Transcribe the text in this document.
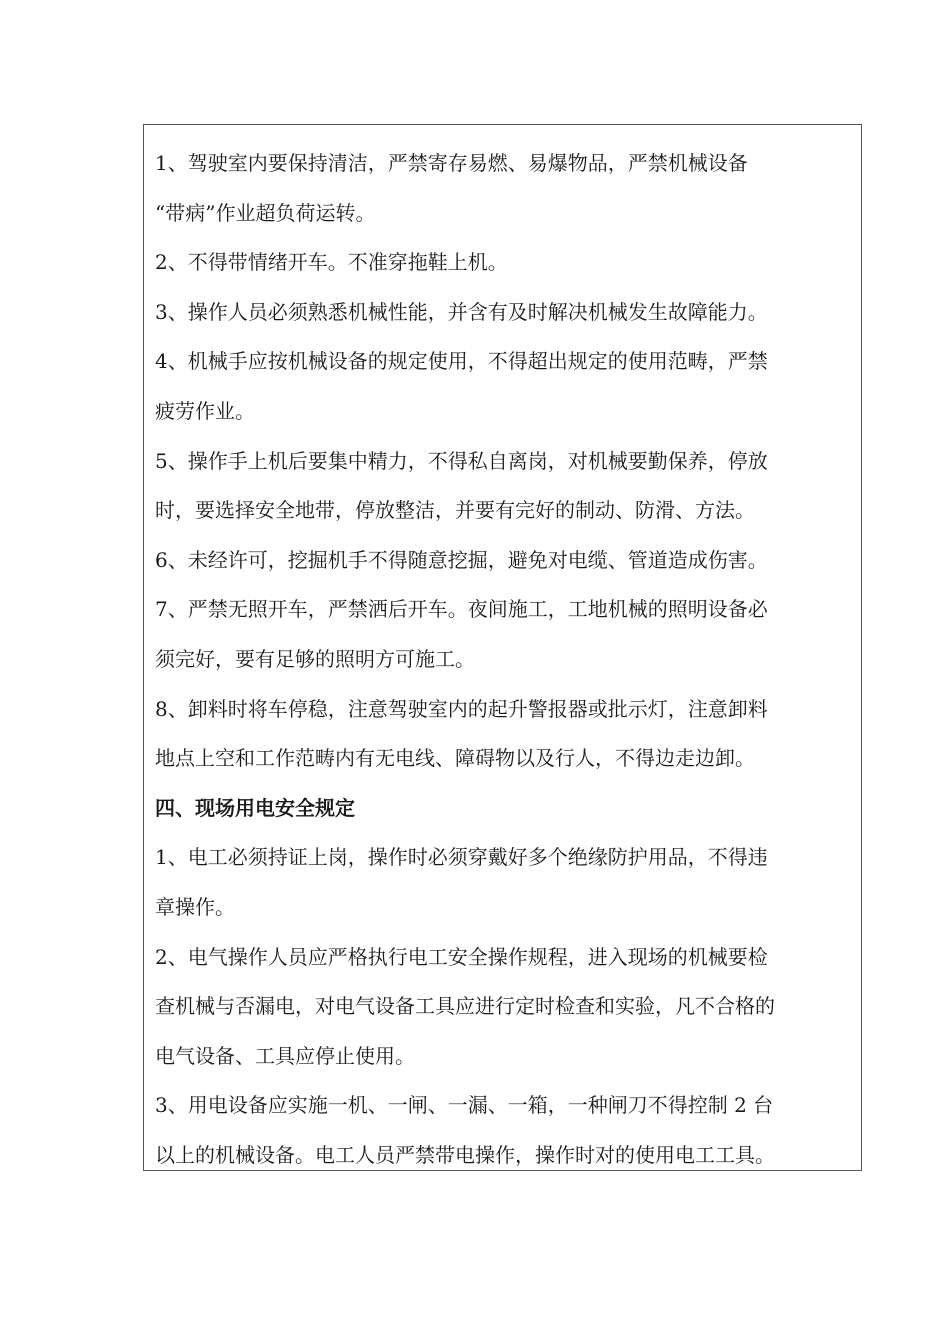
1、驾驶室内要保持清洁，严禁寄存易燃、易爆物品，严禁机械设备
“带病”作业超负荷运转。
2、不得带情绪开车。不准穿拖鞋上机。
3、操作人员必须熟悉机械性能，并含有及时解决机械发生故障能力。
4、机械手应按机械设备的规定使用，不得超出规定的使用范畴，严禁
疲劳作业。
5、操作手上机后要集中精力，不得私自离岗，对机械要勤保养，停放
时，要选择安全地带，停放整洁，并要有完好的制动、防滑、方法。
6、未经许可，挖掘机手不得随意挖掘，避免对电缆、管道造成伤害。
7、严禁无照开车，严禁洒后开车。夜间施工，工地机械的照明设备必
须完好，要有足够的照明方可施工。
8、卸料时将车停稳，注意驾驶室内的起升警报器或批示灯，注意卸料
地点上空和工作范畴内有无电线、障碍物以及行人，不得边走边卸。
四、现场用电安全规定
1、电工必须持证上岗，操作时必须穿戴好多个绝缘防护用品，不得违
章操作。
2、电气操作人员应严格执行电工安全操作规程，进入现场的机械要检
查机械与否漏电，对电气设备工具应进行定时检查和实验，凡不合格的
电气设备、工具应停止使用。
3、用电设备应实施一机、一闸、一漏、一箱，一种闸刀不得控制 2 台
以上的机械设备。电工人员严禁带电操作，操作时对的使用电工工具。
